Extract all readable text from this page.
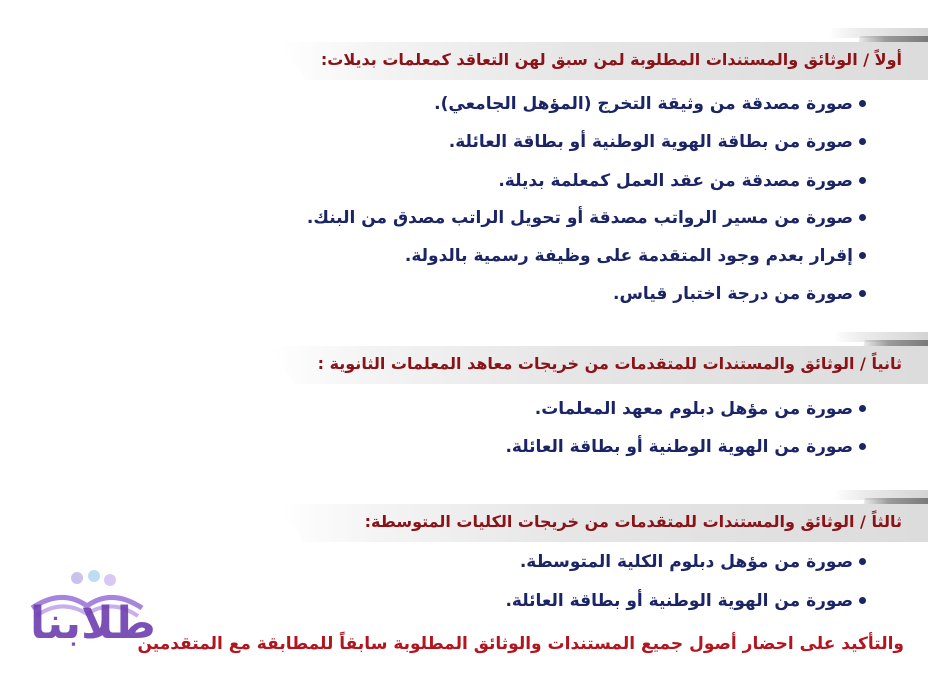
أولاً / الوثائق والمستندات المطلوبة لمن سبق لهن التعاقد كمعلمات بديلات:
صورة مصدقة من وثيقة التخرج (المؤهل الجامعي).
صورة من بطاقة الهوية الوطنية أو بطاقة العائلة.
صورة مصدقة من عقد العمل كمعلمة بديلة.
صورة من مسير الرواتب مصدقة أو تحويل الراتب مصدق من البنك.
إقرار بعدم وجود المتقدمة على وظيفة رسمية بالدولة.
صورة من درجة اختبار قياس.
ثانياً / الوثائق والمستندات للمتقدمات من خريجات معاهد المعلمات الثانوية :
صورة من مؤهل دبلوم معهد المعلمات.
صورة من الهوية الوطنية أو بطاقة العائلة.
ثالثاً / الوثائق والمستندات للمتقدمات من خريجات الكليات المتوسطة:
صورة من مؤهل دبلوم الكلية المتوسطة.
صورة من الهوية الوطنية أو بطاقة العائلة.
والتأكيد على احضار أصول جميع المستندات والوثائق المطلوبة سابقاً للمطابقة مع المتقدمين
طلابنا
